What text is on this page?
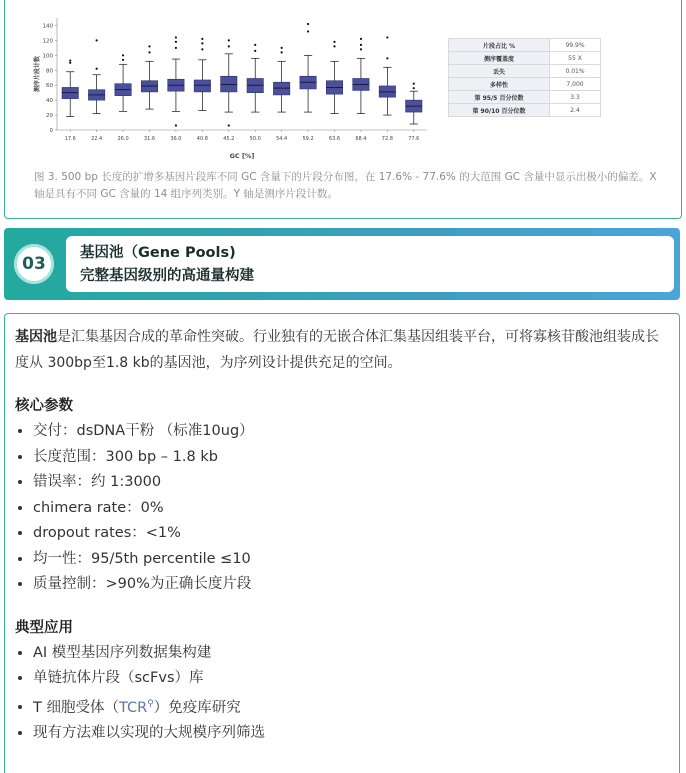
0
20
40
60
80
100
120
140
测序片段计数
GC [%]
17.6	22.4	26.0	31.6	36.0	40.8	45.2	50.0	54.4	59.2	63.6	68.4	72.8	77.6
片段占比 %	99.9%
测序覆盖度	55 X
丢失	0.01%
多样性	7,000
第 95/5 百分位数	3.3
第 90/10 百分位数	2.4
图 3. 500 bp 长度的扩增多基因片段库不同 GC 含量下的片段分布图，在 17.6% - 77.6% 的大范围 GC 含量中显示出极小的偏差。X 轴是具有不同 GC 含量的 14 组序列类别。Y 轴是测序片段计数。
03
基因池（Gene Pools)
完整基因级别的高通量构建

基因池是汇集基因合成的革命性突破。行业独有的无嵌合体汇集基因组装平台，可将寡核苷酸池组装成长度从 300bp至1.8 kb的基因池，为序列设计提供充足的空间。

核心参数
• 交付：dsDNA干粉 （标准10ug）
• 长度范围：300 bp – 1.8 kb
• 错误率：约 1:3000
• chimera rate：0%
• dropout rates：<1%
• 均一性：95/5th percentile ≤10
• 质量控制：>90%为正确长度片段
典型应用
• AI 模型基因序列数据集构建
• 单链抗体片段（scFvs）库
• T 细胞受体（TCR⚲）免疫库研究
• 现有方法难以实现的大规模序列筛选
